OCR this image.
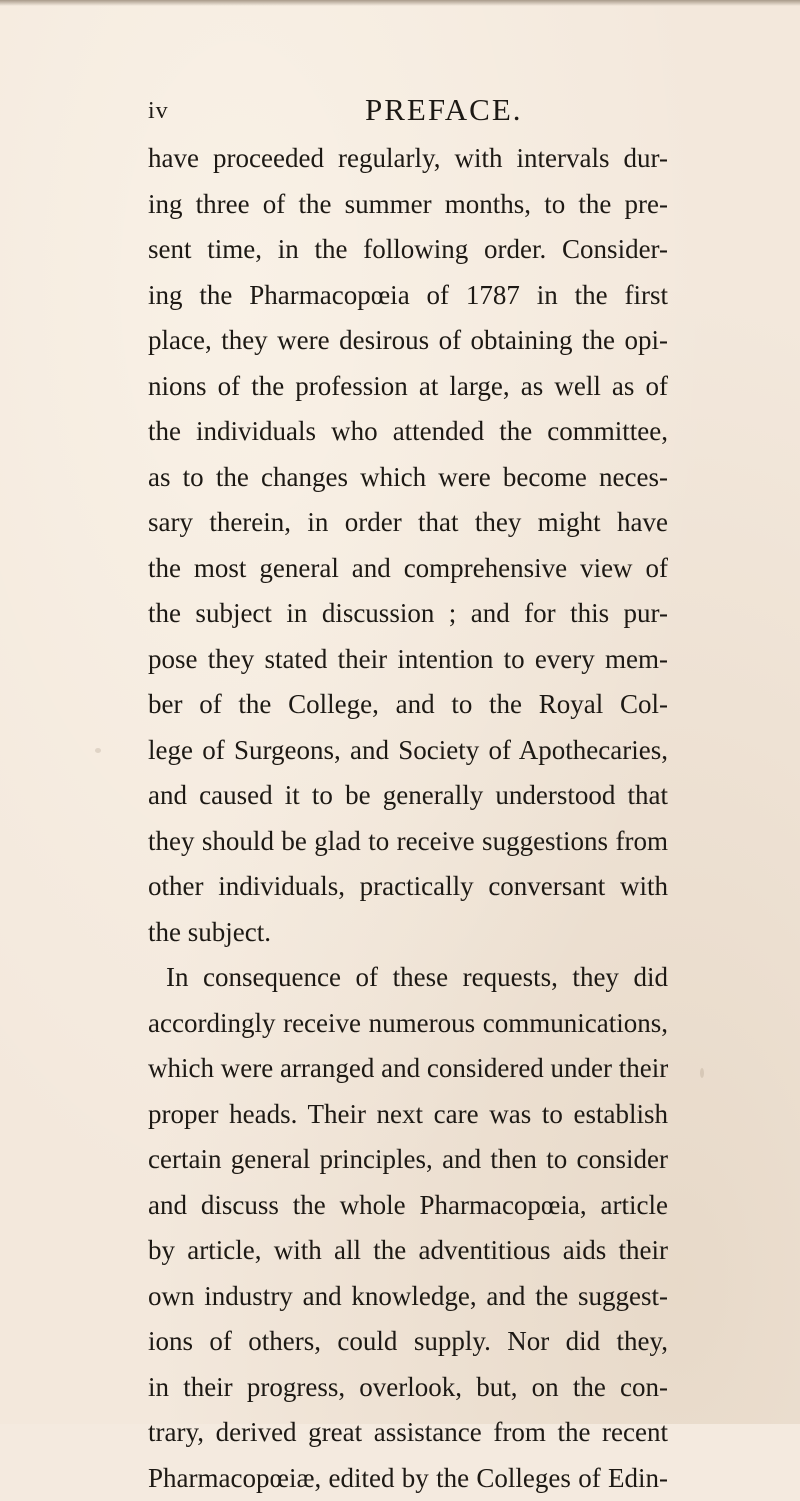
iv	PREFACE.
have proceeded regularly, with intervals dur-
ing three of the summer months, to the pre-
sent time, in the following order. Consider-
ing the Pharmacopœia of 1787 in the first
place, they were desirous of obtaining the opi-
nions of the profession at large, as well as of
the individuals who attended the committee,
as to the changes which were become neces-
sary therein, in order that they might have
the most general and comprehensive view of
the subject in discussion ; and for this pur-
pose they stated their intention to every mem-
ber of the College, and to the Royal Col-
lege of Surgeons, and Society of Apothecaries,
and caused it to be generally understood that
they should be glad to receive suggestions from
other individuals, practically conversant with
the subject.
In consequence of these requests, they did
accordingly receive numerous communications,
which were arranged and considered under their
proper heads. Their next care was to establish
certain general principles, and then to consider
and discuss the whole Pharmacopœia, article
by article, with all the adventitious aids their
own industry and knowledge, and the suggest-
ions of others, could supply. Nor did they,
in their progress, overlook, but, on the con-
trary, derived great assistance from the recent
Pharmacopœiæ, edited by the Colleges of Edin-
